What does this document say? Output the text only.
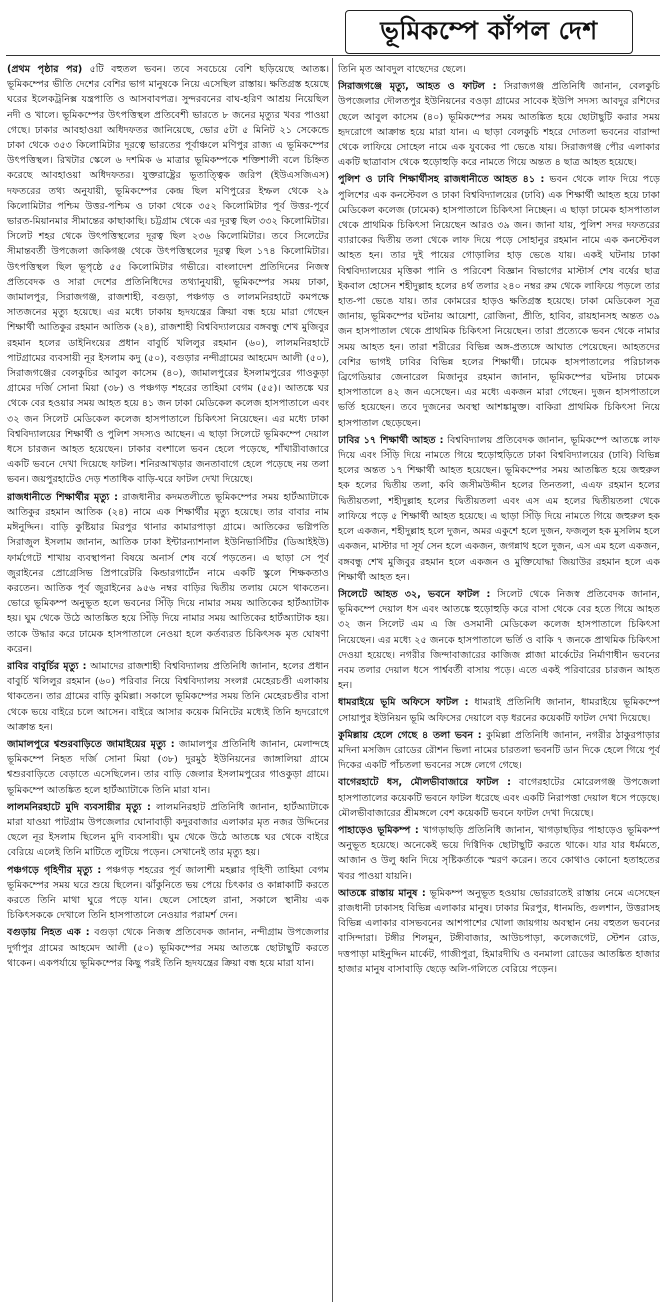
ভূমিকম্পে কাঁপল দেশ

(প্রথম পৃষ্ঠার পর) ৫টি বহুতল ভবন। তবে সবচেয়ে বেশি ছড়িয়েছে আতঙ্ক। ভূমিকম্পের ভীতি দেশের বেশির ভাগ মানুষকে নিয়ে এসেছিল রাস্তায়। ক্ষতিগ্রস্ত হয়েছে ঘরের ইলেকট্রনিক্স যন্ত্রপাতি ও আসবাবপত্র। সুন্দরবনের বাঘ-হরিণ আশ্রয় নিয়েছিল নদী ও খালে। ভূমিকম্পের উৎপত্তিস্থল প্রতিবেশী ভারতে ৮ জনের মৃত্যুর খবর পাওয়া গেছে। ঢাকার আবহাওয়া অধিদফতর জানিয়েছে, ভোর ৫টা ৫ মিনিট ২১ সেকেন্ডে ঢাকা থেকে ৩৫৩ কিলোমিটার দূরত্বে ভারতের পূর্বাঞ্চলে মণিপুর রাজ্য এ ভূমিকম্পের উৎপত্তিস্থল। রিখটার স্কেলে ৬ দশমিক ৬ মাত্রার ভূমিকম্পকে শক্তিশালী বলে চিহ্নিত করেছে আবহাওয়া অধিদফতর। যুক্তরাষ্ট্রের ভূতাত্ত্বিক জরিপ (ইউএসজিএস) দফতরের তথ্য অনুযায়ী, ভূমিকম্পের কেন্দ্র ছিল মণিপুরের ইম্ফল থেকে ২৯ কিলোমিটার পশ্চিম উত্তর-পশ্চিম ও ঢাকা থেকে ৩৫২ কিলোমিটার পূর্ব উত্তর-পূর্বে ভারত-মিয়ানমার সীমান্তের কাছাকাছি। চট্টগ্রাম থেকে এর দূরত্ব ছিল ৩৩২ কিলোমিটার। সিলেট শহর থেকে উৎপত্তিস্থলের দূরত্ব ছিল ২৩৬ কিলোমিটার। তবে সিলেটের সীমান্তবর্তী উপজেলা জকিগঞ্জ থেকে উৎপত্তিস্থলের দূরত্ব ছিল ১৭৪ কিলোমিটার। উৎপত্তিস্থল ছিল ভূপৃষ্ঠে ৫৫ কিলোমিটার গভীরে। বাংলাদেশ প্রতিদিনের নিজস্ব প্রতিবেদক ও সারা দেশের প্রতিনিধিদের তথ্যানুযায়ী, ভূমিকম্পের সময় ঢাকা, জামালপুর, সিরাজগঞ্জ, রাজশাহী, বগুড়া, পঞ্চগড় ও লালমনিরহাটে কমপক্ষে সাতজনের মৃত্যু হয়েছে। এর মধ্যে ঢাকায় হৃদযন্ত্রের ক্রিয়া বন্ধ হয়ে মারা গেছেন শিক্ষার্থী আতিকুর রহমান আতিক (২৪), রাজশাহী বিশ্ববিদ্যালয়ের বঙ্গবন্ধু শেখ মুজিবুর রহমান হলের ডাইনিংয়ের প্রধান বাবুর্চি খলিলুর রহমান (৬০), লালমনিরহাটে পাটগ্রামের ব্যবসায়ী নূর ইসলাম কদু (৫০), বগুড়ার নন্দীগ্রামের আহমেদ আলী (৫০), সিরাজগঞ্জের বেলকুচির আবুল কাসেম (৪০), জামালপুরের ইসলামপুরের গাওকুড়া গ্রামের দর্জি সোনা মিয়া (৩৮) ও পঞ্চগড় শহরের তাহিমা বেগম (৫৫)। আতঙ্কে ঘর থেকে বের হওয়ার সময় আহত হয়ে ৪১ জন ঢাকা মেডিকেল কলেজ হাসপাতালে এবং ৩২ জন সিলেট মেডিকেল কলেজ হাসপাতালে চিকিৎসা নিয়েছেন। এর মধ্যে ঢাকা বিশ্ববিদ্যালয়ের শিক্ষার্থী ও পুলিশ সদস্যও আছেন। এ ছাড়া সিলেটে ভূমিকম্পে দেয়াল ধসে চারজন আহত হয়েছেন। ঢাকার বংশালে ভবন হেলে পড়েছে, শাঁখারীবাজারে একটি ভবনে দেখা দিয়েছে ফাটল। শনিরআখড়ার জনতাবাগে হেলে পড়েছে নয় তলা ভবন। জয়পুরহাটেও দেড় শতাধিক বাড়ি-ঘরে ফাটল দেখা দিয়েছে।

রাজধানীতে শিক্ষার্থীর মৃত্যু : রাজধানীর কদমতলীতে ভূমিকম্পের সময় হার্টঅ্যাটাকে আতিকুর রহমান আতিক (২৪) নামে এক শিক্ষার্থীর মৃত্যু হয়েছে। তার বাবার নাম মঈনুদ্দিন। বাড়ি কুষ্টিয়ার মিরপুর থানার কামারপাড়া গ্রামে। আতিকের ভগ্নিপতি সিরাজুল ইসলাম জানান, আতিক ঢাকা ইন্টারন্যাশনাল ইউনিভার্সিটির (ডিআইইউ) ফার্মগেটে শাখায় ব্যবস্থাপনা বিষয়ে অনার্স শেষ বর্ষে পড়তেন। এ ছাড়া সে পূর্ব জুরাইনের প্রোগ্রেসিভ প্রিপারেটরি কিন্ডারগার্টেন নামে একটি স্কুলে শিক্ষকতাও করতেন। আতিক পূর্ব জুরাইনের ৯৫৬ নম্বর বাড়ির দ্বিতীয় তলায় মেসে থাকতেন। ভোরে ভূমিকম্প অনুভূত হলে ভবনের সিঁড়ি দিয়ে নামার সময় আতিকের হার্টঅ্যাটাক হয়। ঘুম থেকে উঠে আতঙ্কিত হয়ে সিঁড়ি দিয়ে নামার সময় আতিকের হার্টঅ্যাটাক হয়। তাকে উদ্ধার করে ঢামেক হাসপাতালে নেওয়া হলে কর্তব্যরত চিকিৎসক মৃত ঘোষণা করেন।

রাবির বাবুর্চির মৃত্যু : আমাদের রাজশাহী বিশ্ববিদ্যালয় প্রতিনিধি জানান, হলের প্রধান বাবুর্চি খলিলুর রহমান (৬০) পরিবার নিয়ে বিশ্ববিদ্যালয় সংলগ্ন মেহেরচণ্ডী এলাকায় থাকতেন। তার গ্রামের বাড়ি কুমিল্লা। সকালে ভূমিকম্পের সময় তিনি মেহেরচণ্ডীর বাসা থেকে ভয়ে বাইরে চলে আসেন। বাইরে আসার কয়েক মিনিটের মধ্যেই তিনি হৃদরোগে আক্রান্ত হন।

জামালপুরে শ্বশুরবাড়িতে জামাইয়ের মৃত্যু : জামালপুর প্রতিনিধি জানান, মেলান্দহে ভূমিকম্পে নিহত দর্জি সোনা মিয়া (৩৮) দুরমুঠ ইউনিয়নের জাঙ্গালিয়া গ্রামে শ্বশুরবাড়িতে বেড়াতে এসেছিলেন। তার বাড়ি জেলার ইসলামপুরের গাওকুড়া গ্রামে। ভূমিকম্পে আতঙ্কিত হলে হার্টঅ্যাটাকে তিনি মারা যান।

লালমনিরহাটে মুদি ব্যবসায়ীর মৃত্যু : লালমনিরহাট প্রতিনিধি জানান, হার্টঅ্যাটাকে মারা যাওয়া পাটগ্রাম উপজেলার ঘোনাবাড়ী কদুরবাজার এলাকার মৃত নজর উদ্দিনের ছেলে নূর ইসলাম ছিলেন মুদি ব্যবসায়ী। ঘুম থেকে উঠে আতঙ্কে ঘর থেকে বাইরে বেরিয়ে এলেই তিনি মাটিতে লুটিয়ে পড়েন। সেখানেই তার মৃত্যু হয়।

পঞ্চগড়ে গৃহিণীর মৃত্যু : পঞ্চগড় শহরের পূর্ব জালাশী মহল্লার গৃহিণী তাহিমা বেগম ভূমিকম্পের সময় ঘরে শুয়ে ছিলেন। ঝাঁকুনিতে ভয় পেয়ে চিৎকার ও কান্নাকাটি করতে করতে তিনি মাথা ঘুরে পড়ে যান। ছেলে সোহেল রানা, সকালে স্থানীয় এক চিকিৎসককে দেখালে তিনি হাসপাতালে নেওয়ার পরামর্শ দেন।

বগুড়ায় নিহত এক : বগুড়া থেকে নিজস্ব প্রতিবেদক জানান, নন্দীগ্রাম উপজেলার দুর্গাপুর গ্রামের আহমেদ আলী (৫০) ভূমিকম্পের সময় আতঙ্কে ছোটাছুটি করতে থাকেন। একপর্যায়ে ভূমিকম্পের কিছু পরই তিনি হৃদযন্ত্রের ক্রিয়া বন্ধ হয়ে মারা যান।

তিনি মৃত আবদুল বাছেদের ছেলে।

সিরাজগঞ্জে মৃত্যু, আহত ও ফাটল : সিরাজগঞ্জ প্রতিনিধি জানান, বেলকুচি উপজেলার দৌলতপুর ইউনিয়নের বওড়া গ্রামের সাবেক ইউপি সদস্য আবদুর রশিদের ছেলে আবুল কাসেম (৪০) ভূমিকম্পের সময় আতঙ্কিত হয়ে ছোটাছুটি করার সময় হৃদরোগে আক্রান্ত হয়ে মারা যান। এ ছাড়া বেলকুচি শহরে দোতলা ভবনের বারান্দা থেকে লাফিয়ে সোহেল নামে এক যুবকের পা ভেঙে যায়। সিরাজগঞ্জ পৌর এলাকার একটি ছাত্রাবাস থেকে হুড়োহুড়ি করে নামতে গিয়ে অন্তত ৪ ছাত্র আহত হয়েছে।

পুলিশ ও ঢাবি শিক্ষার্থীসহ রাজধানীতে আহত ৪১ : ভবন থেকে লাফ দিয়ে পড়ে পুলিশের এক কনস্টেবল ও ঢাকা বিশ্ববিদ্যালয়ের (ঢাবি) এক শিক্ষার্থী আহত হয়ে ঢাকা মেডিকেল কলেজ (ঢামেক) হাসপাতালে চিকিৎসা নিচ্ছেন। এ ছাড়া ঢামেক হাসপাতাল থেকে প্রাথমিক চিকিৎসা নিয়েছেন আরও ৩৯ জন। জানা যায়, পুলিশ সদর দফতরের ব্যারাকের দ্বিতীয় তলা থেকে লাফ দিয়ে পড়ে সোহানুর রহমান নামে এক কনস্টেবল আহত হন। তার দুই পায়ের গোড়ালির হাড় ভেঙে যায়। একই ঘটনায় ঢাকা বিশ্ববিদ্যালয়ের মৃত্তিকা পানি ও পরিবেশ বিজ্ঞান বিভাগের মাস্টার্স শেষ বর্ষের ছাত্র ইকবাল হোসেন শহীদুল্লাহ হলের ৪র্থ তলার ২৪০ নম্বর রুম থেকে লাফিয়ে পড়লে তার হাত-পা ভেঙে যায়। তার কোমরের হাড়ও ক্ষতিগ্রস্ত হয়েছে। ঢাকা মেডিকেল সূত্র জানায়, ভূমিকম্পের ঘটনায় আয়েশা, রোজিনা, প্রীতি, হাবিব, রায়হানসহ অন্তত ৩৯ জন হাসপাতাল থেকে প্রাথমিক চিকিৎসা নিয়েছেন। তারা প্রত্যেকে ভবন থেকে নামার সময় আহত হন। তারা শরীরের বিভিন্ন অঙ্গ-প্রত্যঙ্গে আঘাত পেয়েছেন। আহতদের বেশির ভাগই ঢাবির বিভিন্ন হলের শিক্ষার্থী। ঢামেক হাসপাতালের পরিচালক ব্রিগেডিয়ার জেনারেল মিজানুর রহমান জানান, ভূমিকম্পের ঘটনায় ঢামেক হাসপাতালে ৪২ জন এসেছেন। এর মধ্যে একজন মারা গেছেন। দুজন হাসপাতালে ভর্তি হয়েছেন। তবে দুজনের অবস্থা আশঙ্কামুক্ত। বাকিরা প্রাথমিক চিকিৎসা নিয়ে হাসপাতাল ছেড়েছেন।

ঢাবির ১৭ শিক্ষার্থী আহত : বিশ্ববিদ্যালয় প্রতিবেদক জানান, ভূমিকম্পে আতঙ্কে লাফ দিয়ে এবং সিঁড়ি দিয়ে নামতে গিয়ে হুড়োহুড়িতে ঢাকা বিশ্ববিদ্যালয়ের (ঢাবি) বিভিন্ন হলের অন্তত ১৭ শিক্ষার্থী আহত হয়েছেন। ভূমিকম্পের সময় আতঙ্কিত হয়ে জহুরুল হক হলের দ্বিতীয় তলা, কবি জসীমউদ্দীন হলের তিনতলা, এএফ রহমান হলের দ্বিতীয়তলা, শহীদুল্লাহ হলের দ্বিতীয়তলা এবং এস এম হলের দ্বিতীয়তলা থেকে লাফিয়ে পড়ে ৫ শিক্ষার্থী আহত হয়েছে। এ ছাড়া সিঁড়ি দিয়ে নামতে গিয়ে জহুরুল হক হলে একজন, শহীদুল্লাহ হলে দুজন, অমর একুশে হলে দুজন, ফজলুল হক মুসলিম হলে একজন, মাস্টার দা সূর্য সেন হলে একজন, জগন্নাথ হলে দুজন, এস এম হলে একজন, বঙ্গবন্ধু শেখ মুজিবুর রহমান হলে একজন ও মুক্তিযোদ্ধা জিয়াউর রহমান হলে এক শিক্ষার্থী আহত হন।

সিলেটে আহত ৩২, ভবনে ফাটল : সিলেট থেকে নিজস্ব প্রতিবেদক জানান, ভূমিকম্পে দেয়াল ধস এবং আতঙ্কে হুড়োহুড়ি করে বাসা থেকে বের হতে গিয়ে আহত ৩২ জন সিলেট এম এ জি ওসমানী মেডিকেল কলেজ হাসপাতালে চিকিৎসা নিয়েছেন। এর মধ্যে ২৫ জনকে হাসপাতালে ভর্তি ও বাকি ৭ জনকে প্রাথমিক চিকিৎসা দেওয়া হয়েছে। নগরীর জিন্দাবাজারের কাজিজ প্লাজা মার্কেটের নির্মাণাধীন ভবনের নবম তলার দেয়াল ধসে পার্শ্ববর্তী বাসায় পড়ে। এতে একই পরিবারের চারজন আহত হন।

ধামরাইয়ে ভূমি অফিসে ফাটল : ধামরাই প্রতিনিধি জানান, ধামরাইয়ে ভূমিকম্পে সোয়াপুর ইউনিয়ন ভূমি অফিসের দেয়ালে বড় ধরনের কয়েকটি ফাটল দেখা দিয়েছে।

কুমিল্লায় হেলে গেছে ৪ তলা ভবন : কুমিল্লা প্রতিনিধি জানান, নগরীর ঠাকুরপাড়ার মদিনা মসজিদ রোডের রৌশন ভিলা নামের চারতলা ভবনটি ডান দিকে হেলে গিয়ে পূর্ব দিকের একটি পাঁচতলা ভবনের সঙ্গে লেগে গেছে।

বাগেরহাটে ধস, মৌলভীবাজারে ফাটল : বাগেরহাটের মোরেলগঞ্জ উপজেলা হাসপাতালের কয়েকটি ভবনে ফাটল ধরেছে এবং একটি নিরাপত্তা দেয়াল ধসে পড়েছে। মৌলভীবাজারের শ্রীমঙ্গলে বেশ কয়েকটি ভবনে ফাটল দেখা দিয়েছে।

পাহাড়েও ভূমিকম্প : খাগড়াছড়ি প্রতিনিধি জানান, খাগড়াছড়ির পাহাড়েও ভূমিকম্প অনুভূত হয়েছে। অনেকেই ভয়ে দিগ্বিদিক ছোটাছুটি করতে থাকে। যার যার ধর্মমতে, আজান ও উলু ধ্বনি দিয়ে সৃষ্টিকর্তাকে স্মরণ করেন। তবে কোথাও কোনো হতাহতের খবর পাওয়া যায়নি।

আতঙ্কে রাস্তায় মানুষ : ভূমিকম্প অনুভূত হওয়ায় ভোররাতেই রাস্তায় নেমে এসেছেন রাজধানী ঢাকাসহ বিভিন্ন এলাকার মানুষ। ঢাকার মিরপুর, ধানমন্ডি, গুলশান, উত্তরাসহ বিভিন্ন এলাকার বাসভবনের আশপাশের খোলা জায়গায় অবস্থান নেয় বহুতল ভবনের বাসিন্দারা। টঙ্গীর শিলমুন, টঙ্গীবাজার, আউচপাড়া, কলেজগেট, স্টেশন রোড, দত্তপাড়া মাইনুদ্দিন মার্কেট, গাজীপুরা, হিমারদীঘি ও বনমালা রোডের আতঙ্কিত হাজার হাজার মানুষ বাসাবাড়ি ছেড়ে অলি-গলিতে বেরিয়ে পড়েন।
